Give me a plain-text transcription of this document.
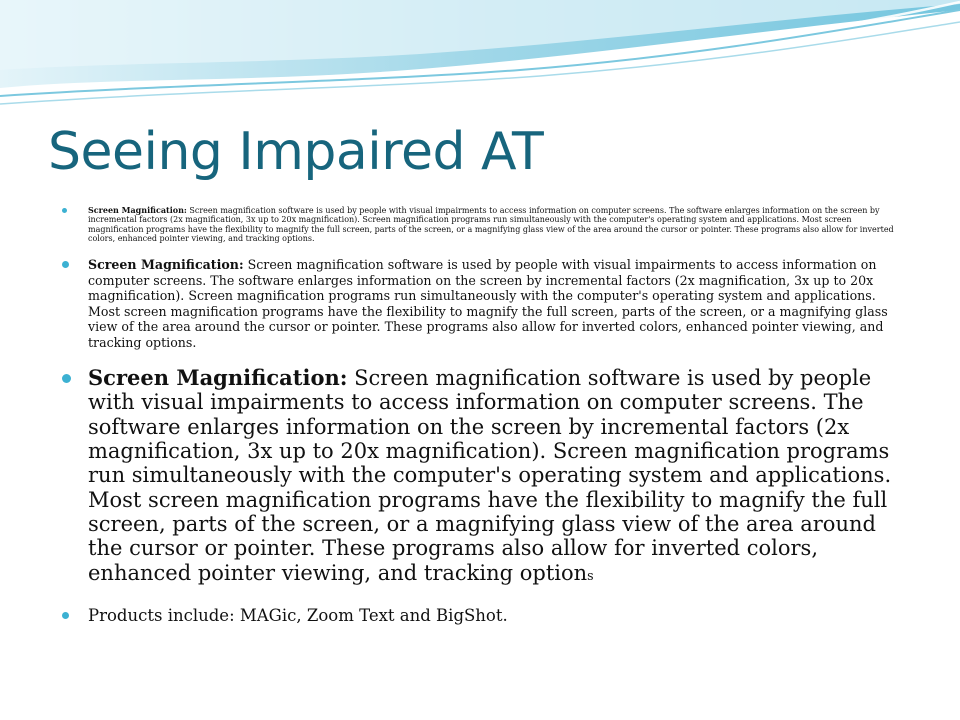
Seeing Impaired AT
Screen Magnification: Screen magnification software is used by people with visual impairments to access information on computer screens. The software enlarges information on the screen by incremental factors (2x magnification, 3x up to 20x magnification). Screen magnification programs run simultaneously with the computer's operating system and applications. Most screen magnification programs have the flexibility to magnify the full screen, parts of the screen, or a magnifying glass view of the area around the cursor or pointer. These programs also allow for inverted colors, enhanced pointer viewing, and tracking options.
Screen Magnification: Screen magnification software is used by people with visual impairments to access information on computer screens. The software enlarges information on the screen by incremental factors (2x magnification, 3x up to 20x magnification). Screen magnification programs run simultaneously with the computer's operating system and applications. Most screen magnification programs have the flexibility to magnify the full screen, parts of the screen, or a magnifying glass view of the area around the cursor or pointer. These programs also allow for inverted colors, enhanced pointer viewing, and tracking options.
Screen Magnification: Screen magnification software is used by people with visual impairments to access information on computer screens. The software enlarges information on the screen by incremental factors (2x magnification, 3x up to 20x magnification). Screen magnification programs run simultaneously with the computer's operating system and applications. Most screen magnification programs have the flexibility to magnify the full screen, parts of the screen, or a magnifying glass view of the area around the cursor or pointer. These programs also allow for inverted colors, enhanced pointer viewing, and tracking options
Products include: MAGic, Zoom Text and BigShot.
